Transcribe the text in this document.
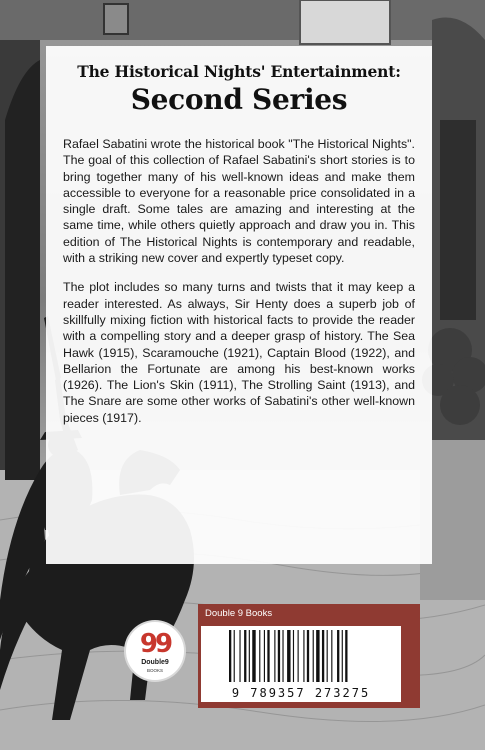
The Historical Nights' Entertainment:
Second Series

Rafael Sabatini wrote the historical book "The Historical Nights". The goal of this collection of Rafael Sabatini's short stories is to bring together many of his well-known ideas and make them accessible to everyone for a reasonable price consolidated in a single draft. Some tales are amazing and interesting at the same time, while others quietly approach and draw you in. This edition of The Historical Nights is contemporary and readable, with a striking new cover and expertly typeset copy.

The plot includes so many turns and twists that it may keep a reader interested. As always, Sir Henty does a superb job of skillfully mixing fiction with historical facts to provide the reader with a compelling story and a deeper grasp of history. The Sea Hawk (1915), Scaramouche (1921), Captain Blood (1922), and Bellarion the Fortunate are among his best-known works (1926). The Lion's Skin (1911), The Strolling Saint (1913), and The Snare are some other works of Sabatini's other well-known pieces (1917).

99
Double9
BOOKS
Double 9 Books
9 789357 273275
